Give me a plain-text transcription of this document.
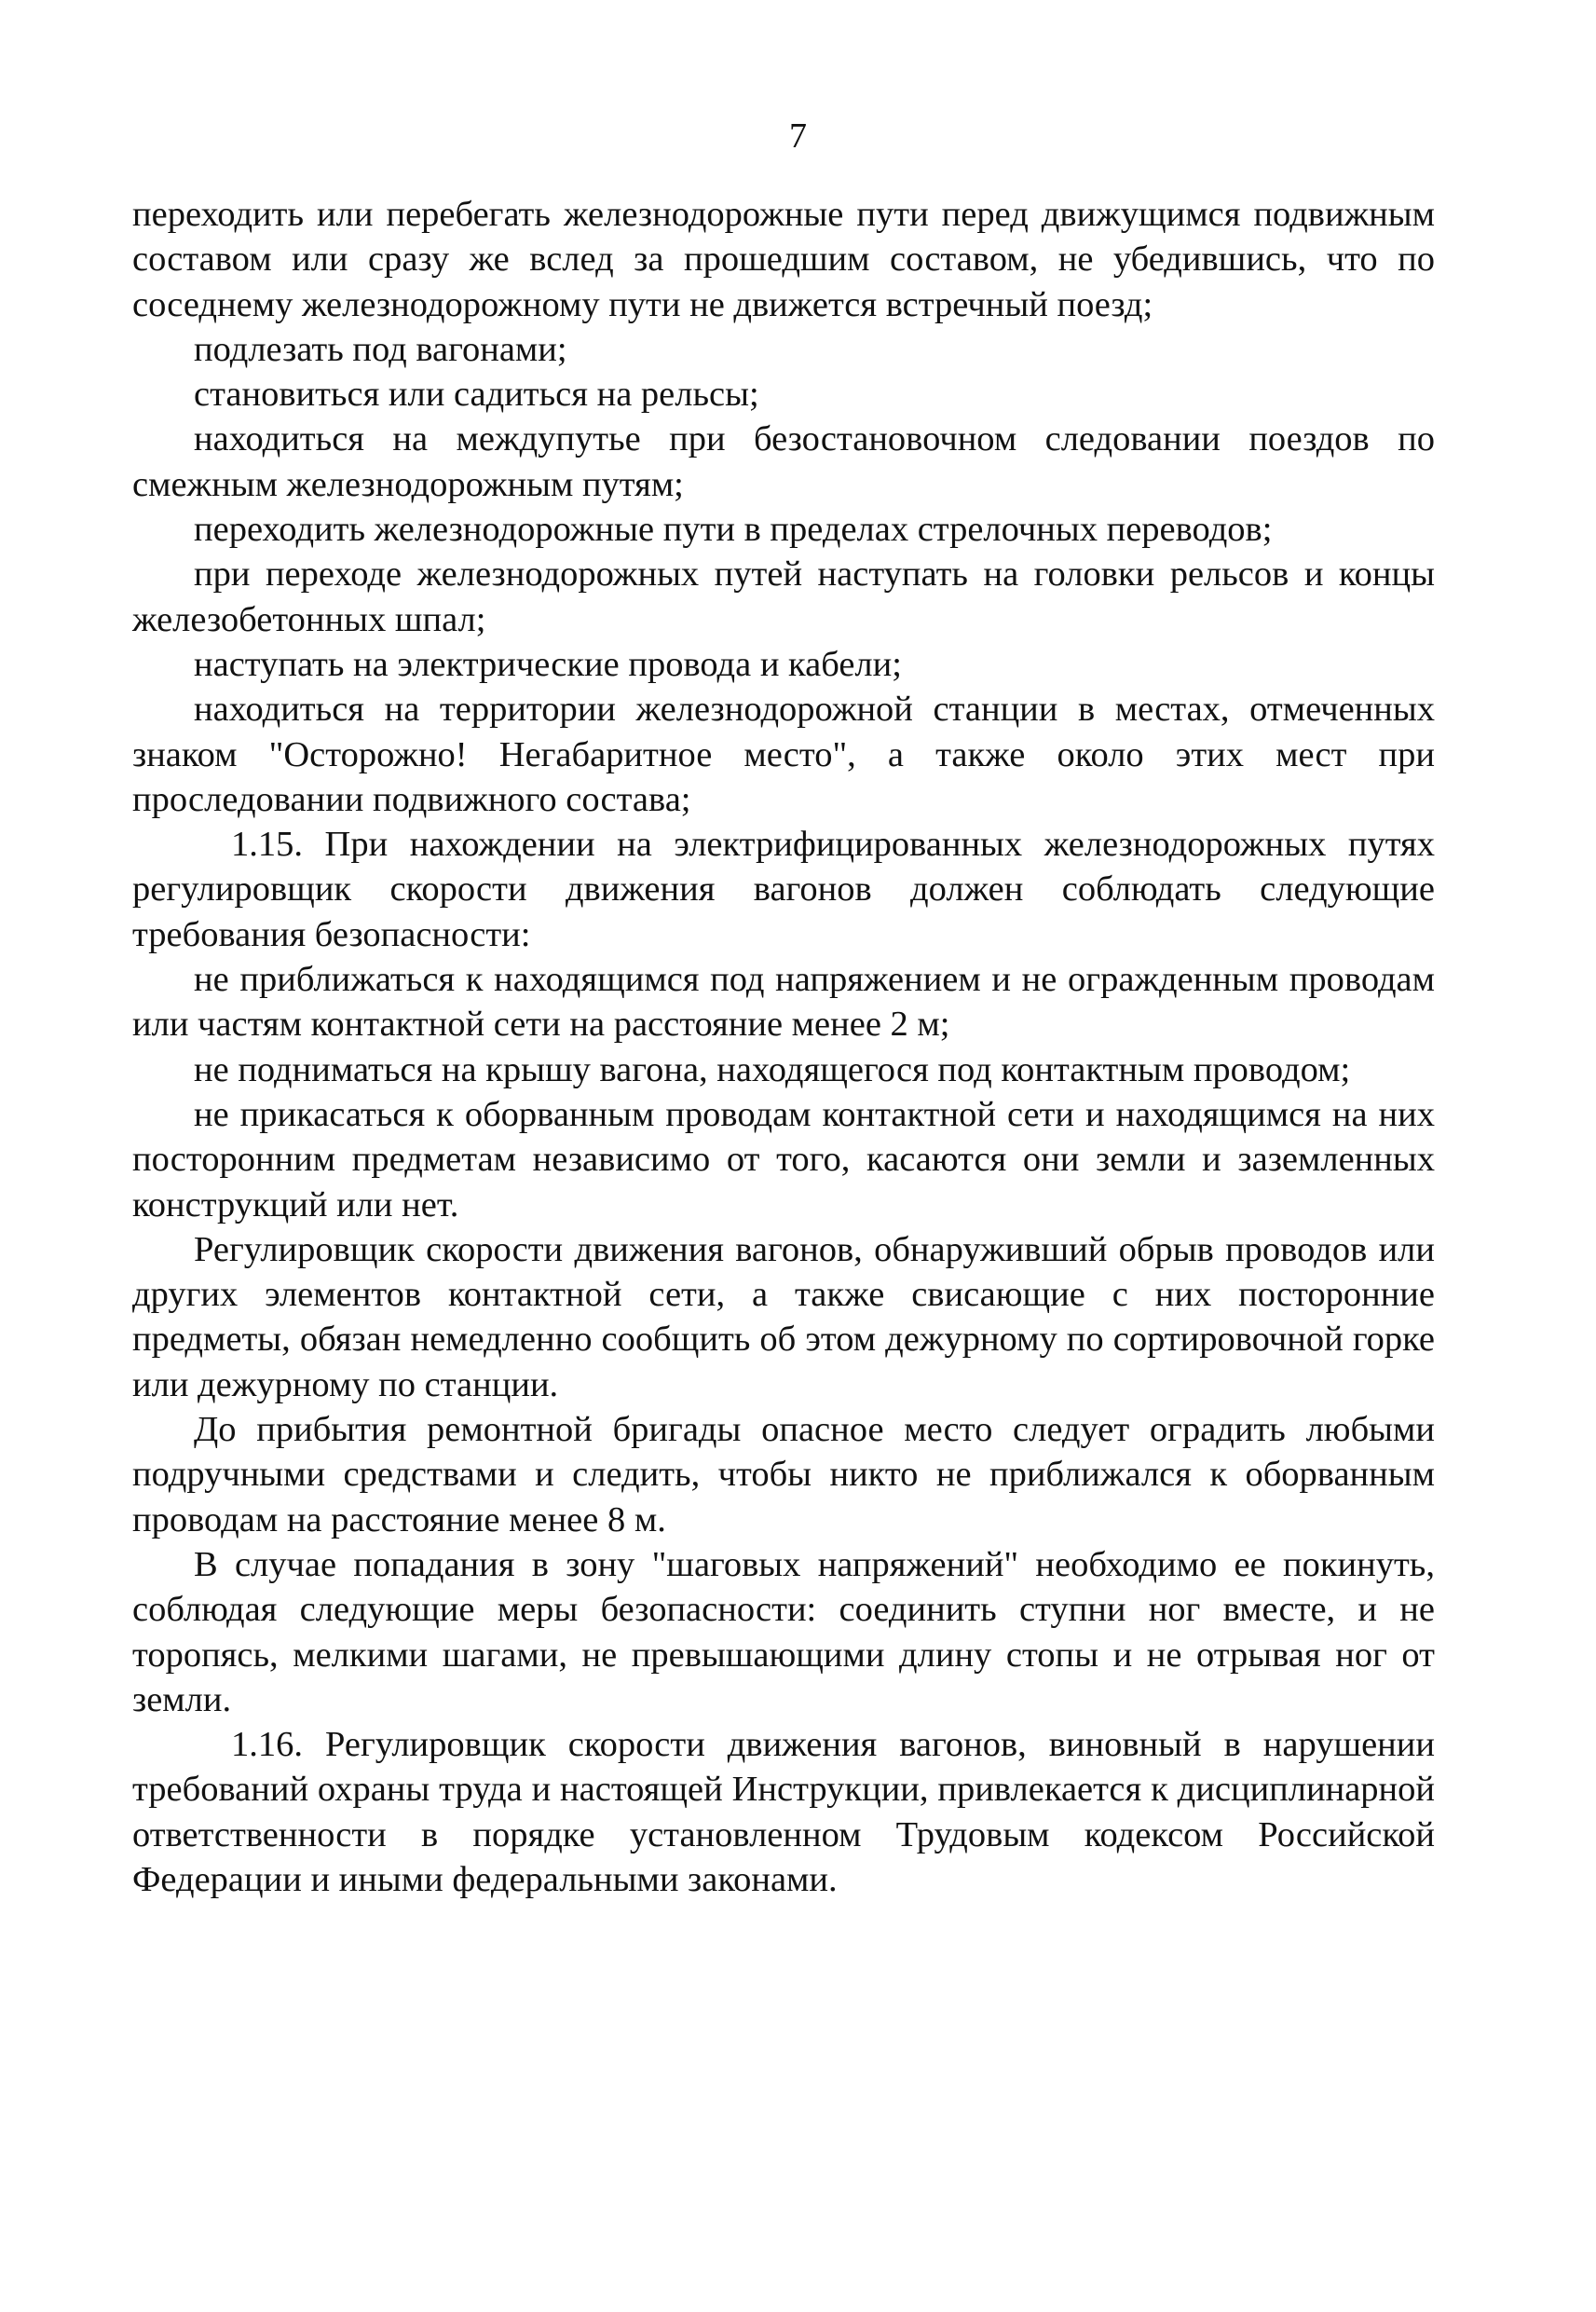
7

переходить или перебегать железнодорожные пути перед движущимся подвижным составом или сразу же вслед за прошедшим составом, не убедившись, что по соседнему железнодорожному пути не движется встречный поезд;

подлезать под вагонами;

становиться или садиться на рельсы;

находиться на междупутье при безостановочном следовании поездов по смежным железнодорожным путям;

переходить железнодорожные пути в пределах стрелочных переводов;

при переходе железнодорожных путей наступать на головки рельсов и концы железобетонных шпал;

наступать на электрические провода и кабели;

находиться на территории железнодорожной станции в местах, отмеченных знаком "Осторожно! Негабаритное место", а также около этих мест при проследовании подвижного состава;

1.15. При нахождении на электрифицированных железнодорожных путях регулировщик скорости движения вагонов должен соблюдать следующие требования безопасности:

не приближаться к находящимся под напряжением и не огражденным проводам или частям контактной сети на расстояние менее 2 м;

не подниматься на крышу вагона, находящегося под контактным проводом;

не прикасаться к оборванным проводам контактной сети и находящимся на них посторонним предметам независимо от того, касаются они земли и заземленных конструкций или нет.

Регулировщик скорости движения вагонов, обнаруживший обрыв проводов или других элементов контактной сети, а также свисающие с них посторонние предметы, обязан немедленно сообщить об этом дежурному по сортировочной горке или дежурному по станции.

До прибытия ремонтной бригады опасное место следует оградить любыми подручными средствами и следить, чтобы никто не приближался к оборванным проводам на расстояние менее 8 м.

В случае попадания в зону "шаговых напряжений" необходимо ее покинуть, соблюдая следующие меры безопасности: соединить ступни ног вместе, и не торопясь, мелкими шагами, не превышающими длину стопы и не отрывая ног от земли.

1.16. Регулировщик скорости движения вагонов, виновный в нарушении требований охраны труда и настоящей Инструкции, привлекается к дисциплинарной ответственности в порядке установленном Трудовым кодексом Российской Федерации и иными федеральными законами.
